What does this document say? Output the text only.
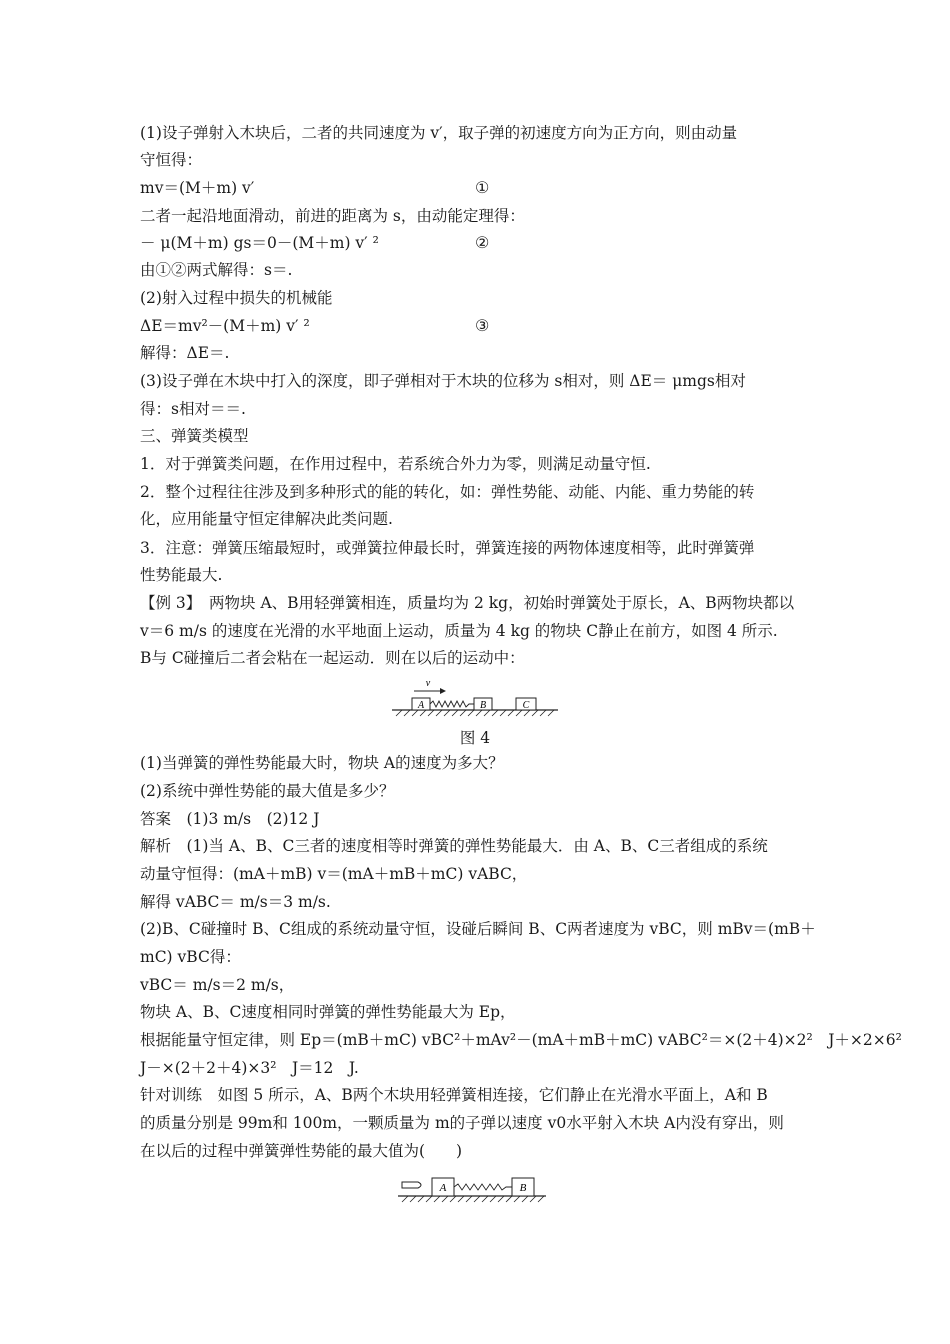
(1)设子弹射入木块后，二者的共同速度为 v′，取子弹的初速度方向为正方向，则由动量
守恒得：
mv＝(M＋m) v′	①
二者一起沿地面滑动，前进的距离为 s，由动能定理得：
－ μ(M＋m) gs＝0－(M＋m) v′ ²	②
由①②两式解得：s＝.
(2)射入过程中损失的机械能
ΔE＝mv²－(M＋m) v′ ²	③
解得：ΔE＝.
(3)设子弹在木块中打入的深度，即子弹相对于木块的位移为 s相对，则 ΔE＝ μmgs相对
得：s相对＝＝.
三、弹簧类模型
1．对于弹簧类问题，在作用过程中，若系统合外力为零，则满足动量守恒.
2．整个过程往往涉及到多种形式的能的转化，如：弹性势能、动能、内能、重力势能的转
化，应用能量守恒定律解决此类问题.
3．注意：弹簧压缩最短时，或弹簧拉伸最长时，弹簧连接的两物体速度相等，此时弹簧弹
性势能最大.
【例 3】　两物块 A、B用轻弹簧相连，质量均为 2 kg，初始时弹簧处于原长，A、B两物块都以
v＝6 m/s 的速度在光滑的水平地面上运动，质量为 4 kg 的物块 C静止在前方，如图 4 所示.
B与 C碰撞后二者会粘在一起运动．则在以后的运动中：
A	B	C
v
图 4
(1)当弹簧的弹性势能最大时，物块 A的速度为多大？
(2)系统中弹性势能的最大值是多少？
答案　(1)3 m/s　(2)12 J
解析　(1)当 A、B、C三者的速度相等时弹簧的弹性势能最大．由 A、B、C三者组成的系统
动量守恒得：(mA＋mB) v＝(mA＋mB＋mC) vABC，
解得 vABC＝ m/s＝3 m/s.
(2)B、C碰撞时 B、C组成的系统动量守恒，设碰后瞬间 B、C两者速度为 vBC，则 mBv＝(mB＋
mC) vBC得：
vBC＝ m/s＝2 m/s，
物块 A、B、C速度相同时弹簧的弹性势能最大为 Ep，
根据能量守恒定律，则 Ep＝(mB＋mC) vBC²＋mAv²－(mA＋mB＋mC) vABC²＝×(2＋4)×2²　J＋×2×6²
J－×(2＋2＋4)×3²　J＝12　J.
针对训练　如图 5 所示，A、B两个木块用轻弹簧相连接，它们静止在光滑水平面上，A和 B
的质量分别是 99m和 100m，一颗质量为 m的子弹以速度 v0水平射入木块 A内没有穿出，则
在以后的过程中弹簧弹性势能的最大值为(　　)
A	B
